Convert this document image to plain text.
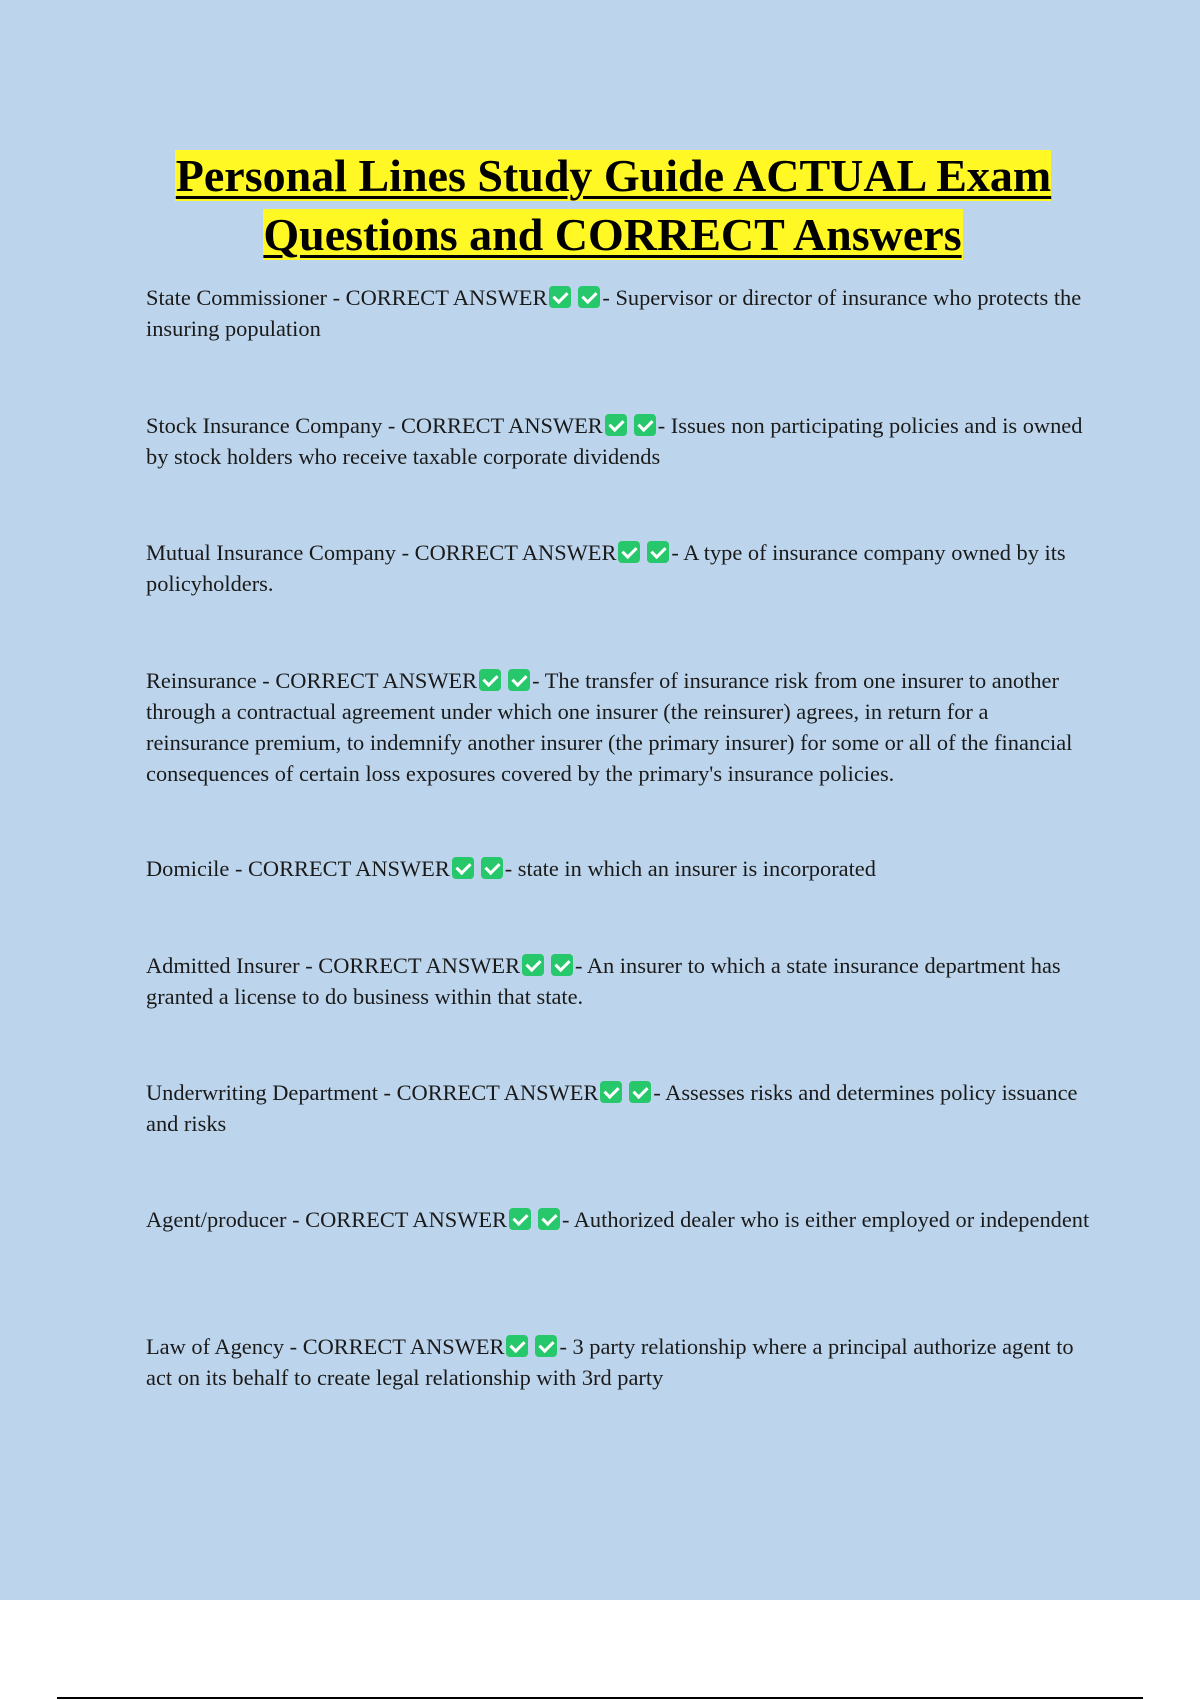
Personal Lines Study Guide ACTUAL Exam Questions and CORRECT Answers

State Commissioner - CORRECT ANSWER - Supervisor or director of insurance who protects the insuring population

Stock Insurance Company - CORRECT ANSWER - Issues non participating policies and is owned by stock holders who receive taxable corporate dividends

Mutual Insurance Company - CORRECT ANSWER - A type of insurance company owned by its policyholders.

Reinsurance - CORRECT ANSWER - The transfer of insurance risk from one insurer to another through a contractual agreement under which one insurer (the reinsurer) agrees, in return for a reinsurance premium, to indemnify another insurer (the primary insurer) for some or all of the financial consequences of certain loss exposures covered by the primary's insurance policies.

Domicile - CORRECT ANSWER - state in which an insurer is incorporated

Admitted Insurer - CORRECT ANSWER - An insurer to which a state insurance department has granted a license to do business within that state.

Underwriting Department - CORRECT ANSWER - Assesses risks and determines policy issuance and risks

Agent/producer - CORRECT ANSWER - Authorized dealer who is either employed or independent

Law of Agency - CORRECT ANSWER - 3 party relationship where a principal authorize agent to act on its behalf to create legal relationship with 3rd party
